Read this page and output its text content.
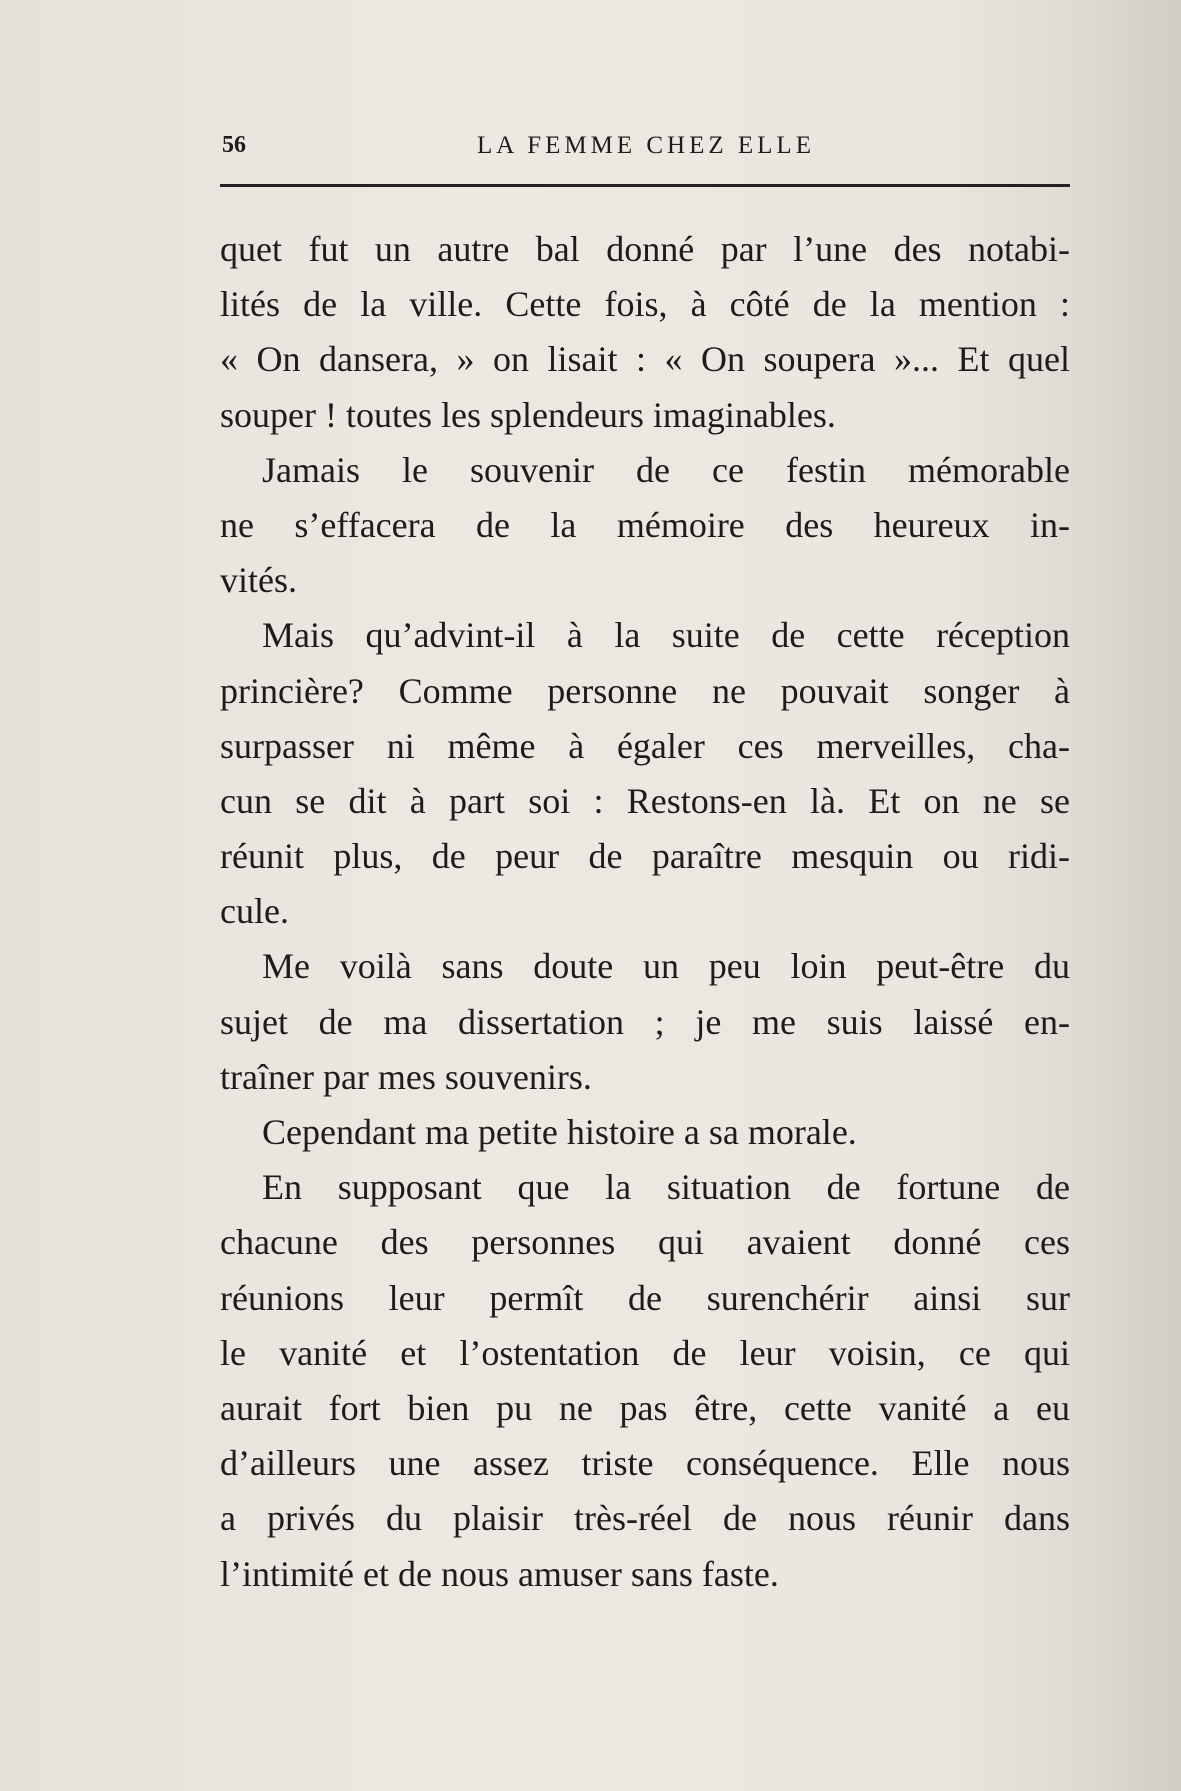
56	LA FEMME CHEZ ELLE
quet fut un autre bal donné par l’une des notabi-
lités de la ville. Cette fois, à côté de la mention :
« On dansera, » on lisait : « On soupera »... Et quel
souper ! toutes les splendeurs imaginables.
Jamais le souvenir de ce festin mémorable
ne s’effacera de la mémoire des heureux in-
vités.
Mais qu’advint-il à la suite de cette réception
princière? Comme personne ne pouvait songer à
surpasser ni même à égaler ces merveilles, cha-
cun se dit à part soi : Restons-en là. Et on ne se
réunit plus, de peur de paraître mesquin ou ridi-
cule.
Me voilà sans doute un peu loin peut-être du
sujet de ma dissertation ; je me suis laissé en-
traîner par mes souvenirs.
Cependant ma petite histoire a sa morale.
En supposant que la situation de fortune de
chacune des personnes qui avaient donné ces
réunions leur permît de surenchérir ainsi sur
le vanité et l’ostentation de leur voisin, ce qui
aurait fort bien pu ne pas être, cette vanité a eu
d’ailleurs une assez triste conséquence. Elle nous
a privés du plaisir très-réel de nous réunir dans
l’intimité et de nous amuser sans faste.
